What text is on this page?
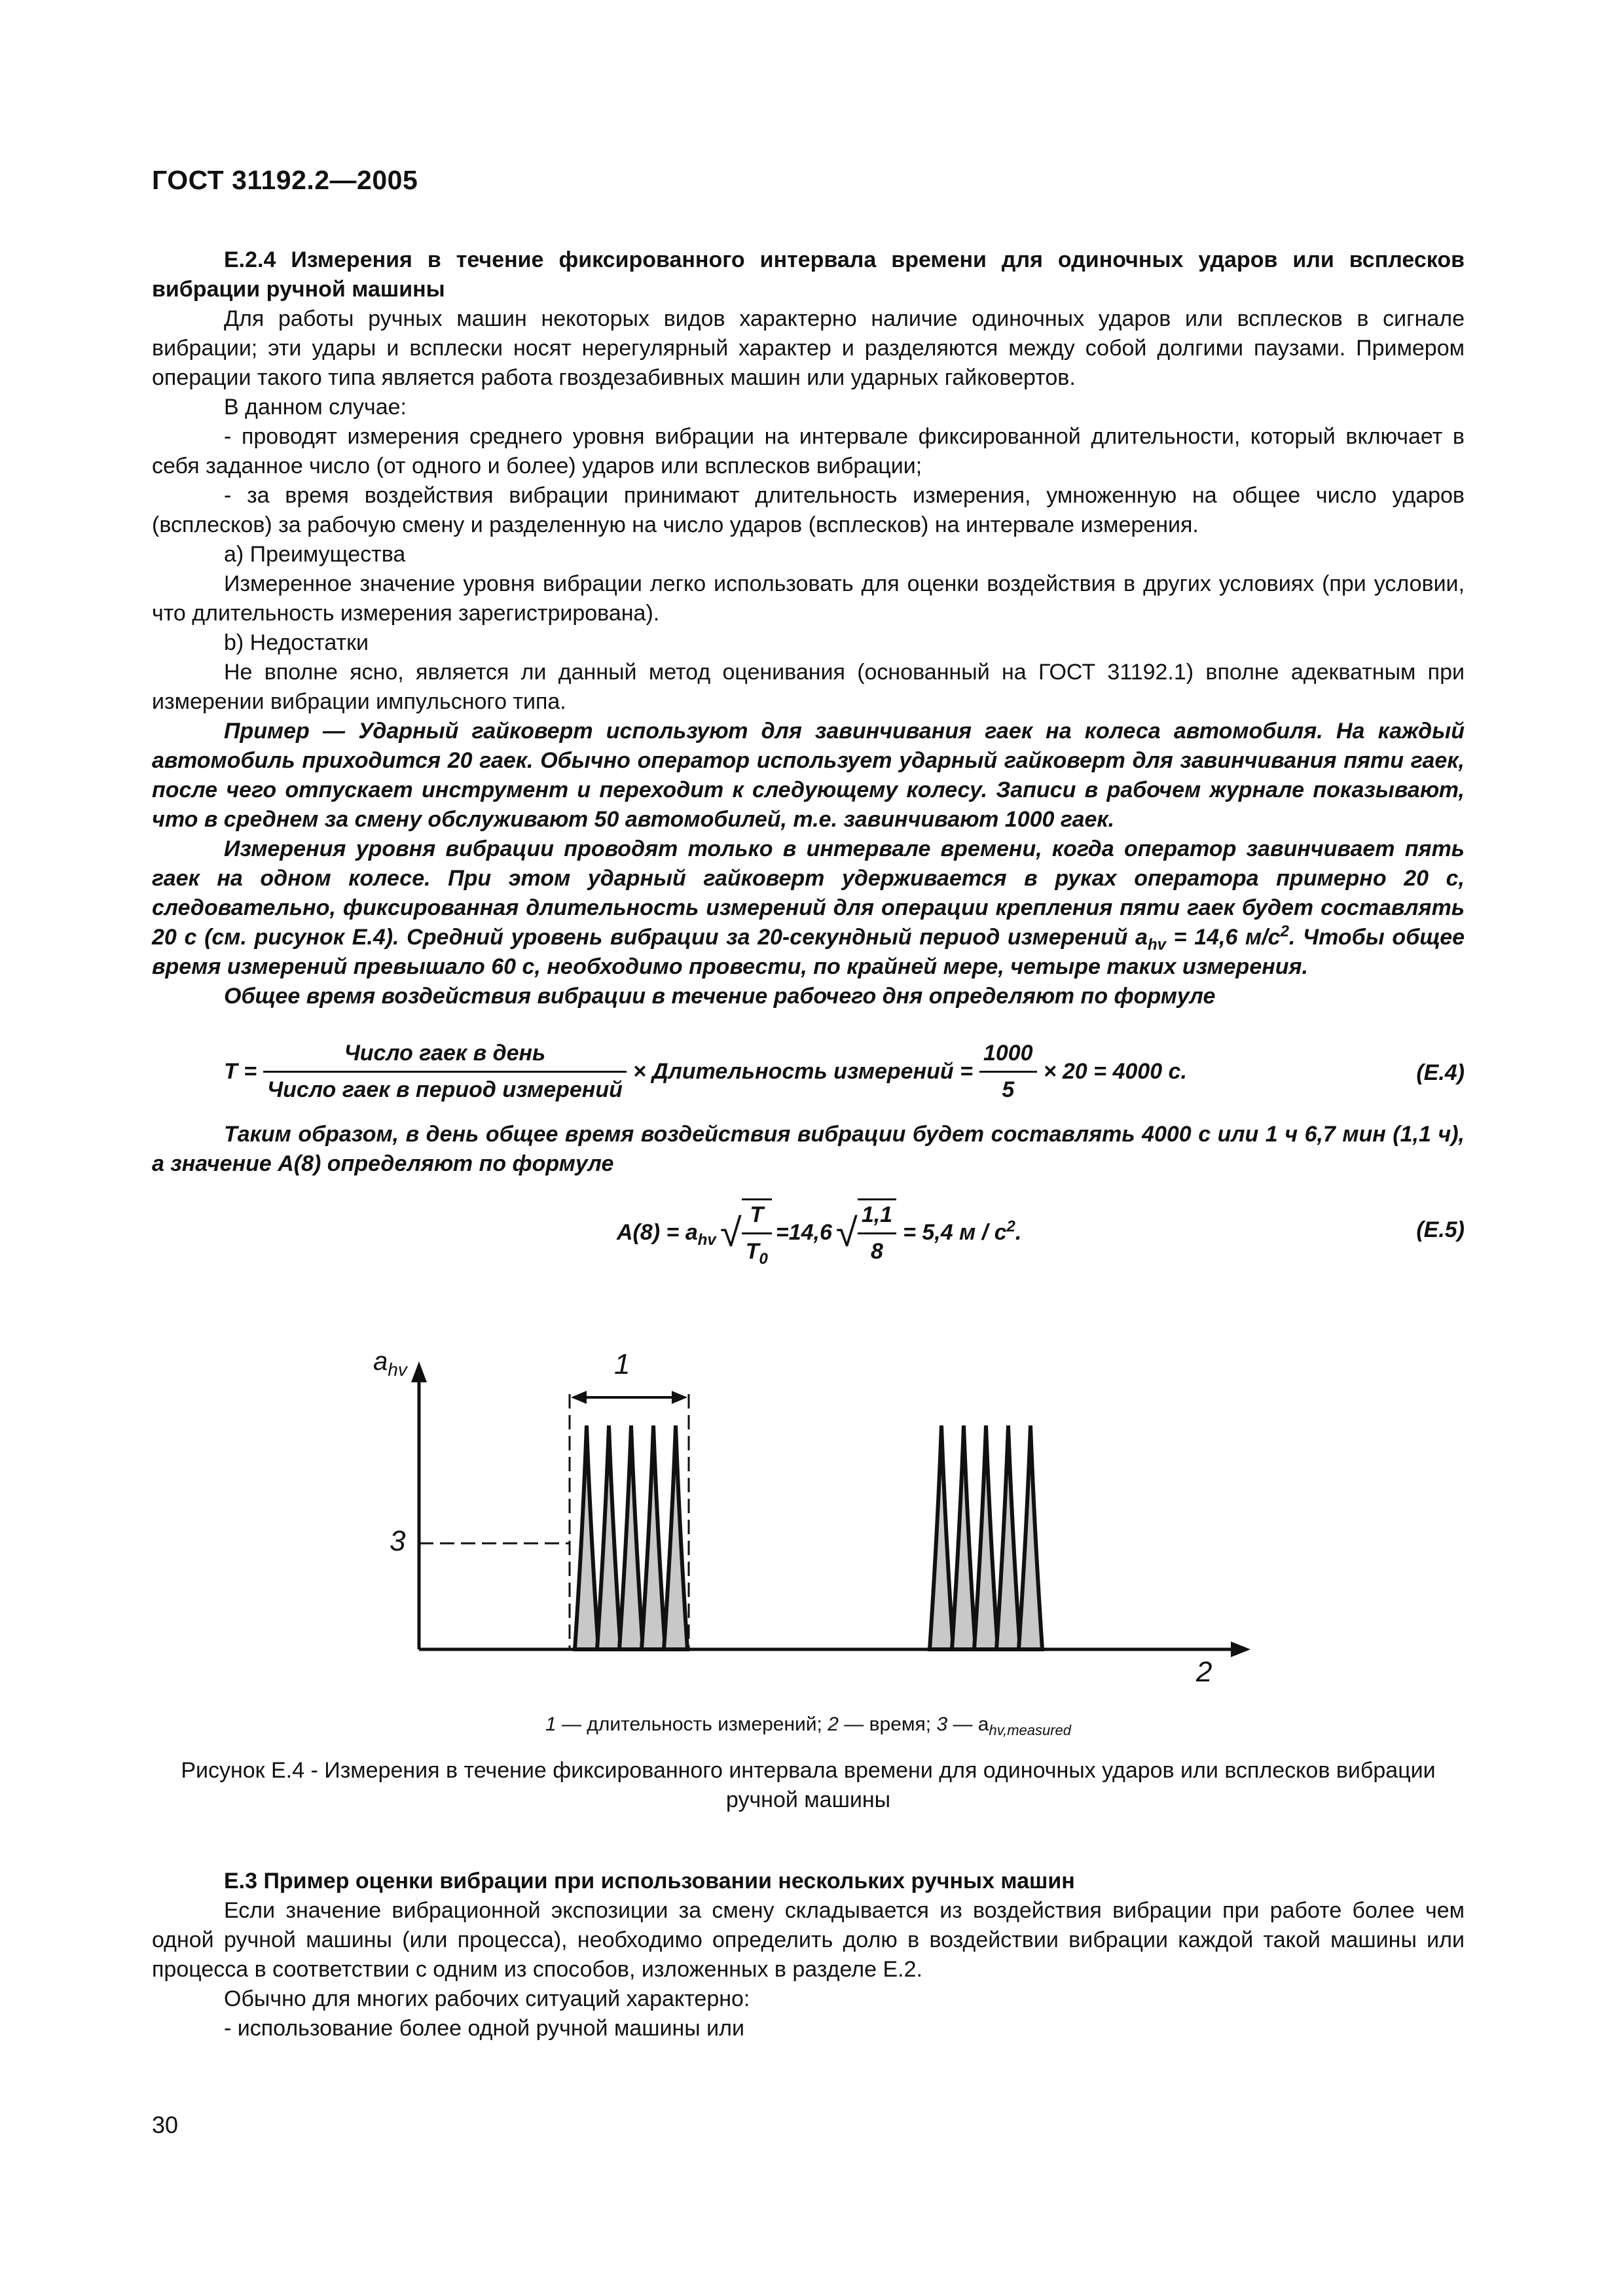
ГОСТ 31192.2—2005

Е.2.4 Измерения в течение фиксированного интервала времени для одиночных ударов или всплесков вибрации ручной машины

Для работы ручных машин некоторых видов характерно наличие одиночных ударов или всплесков в сигнале вибрации; эти удары и всплески носят нерегулярный характер и разделяются между собой долгими паузами. Примером операции такого типа является работа гвоздезабивных машин или ударных гайковертов.

В данном случае:

- проводят измерения среднего уровня вибрации на интервале фиксированной длительности, который включает в себя заданное число (от одного и более) ударов или всплесков вибрации;

- за время воздействия вибрации принимают длительность измерения, умноженную на общее число ударов (всплесков) за рабочую смену и разделенную на число ударов (всплесков) на интервале измерения.

а) Преимущества

Измеренное значение уровня вибрации легко использовать для оценки воздействия в других условиях (при условии, что длительность измерения зарегистрирована).

b) Недостатки

Не вполне ясно, является ли данный метод оценивания (основанный на ГОСТ 31192.1) вполне адекватным при измерении вибрации импульсного типа.

Пример — Ударный гайковерт используют для завинчивания гаек на колеса автомобиля. На каждый автомобиль приходится 20 гаек. Обычно оператор использует ударный гайковерт для завинчивания пяти гаек, после чего отпускает инструмент и переходит к следующему колесу. Записи в рабочем журнале показывают, что в среднем за смену обслуживают 50 автомобилей, т.е. завинчивают 1000 гаек.

Измерения уровня вибрации проводят только в интервале времени, когда оператор завинчивает пять гаек на одном колесе. При этом ударный гайковерт удерживается в руках оператора примерно 20 с, следовательно, фиксированная длительность измерений для операции крепления пяти гаек будет составлять 20 с (см. рисунок Е.4). Средний уровень вибрации за 20-секундный период измерений $a_{hv} = 14,6$ $м/с^2$. Чтобы общее время измерений превышало 60 с, необходимо провести, по крайней мере, четыре таких измерения.

Общее время воздействия вибрации в течение рабочего дня определяют по формуле

$T = \frac{\text{Число гаек в день}}{\text{Число гаек в период измерений}}$ × Длительность измерений = $\frac{1000}{5} \times 20 = 4000$ с.	(Е.4)

Таким образом, в день общее время воздействия вибрации будет составлять 4000 с или 1 ч 6,7 мин (1,1 ч), а значение A(8) определяют по формуле

$A(8) = a_{hv}$ √ $\frac{T}{T_0} =14,6$ √ $\frac{1,1}{8} = 5,4$ м / $с^2$.	(Е.5)
$a_{hv}$	1
2
3
1 — длительность измерений; 2 — время; 3 — $a_{hv,measured}$
Рисунок Е.4 - Измерения в течение фиксированного интервала времени для одиночных ударов или всплесков вибрации ручной машины

Е.3 Пример оценки вибрации при использовании нескольких ручных машин

Если значение вибрационной экспозиции за смену складывается из воздействия вибрации при работе более чем одной ручной машины (или процесса), необходимо определить долю в воздействии вибрации каждой такой машины или процесса в соответствии с одним из способов, изложенных в разделе Е.2.

Обычно для многих рабочих ситуаций характерно:

- использование более одной ручной машины или

30
